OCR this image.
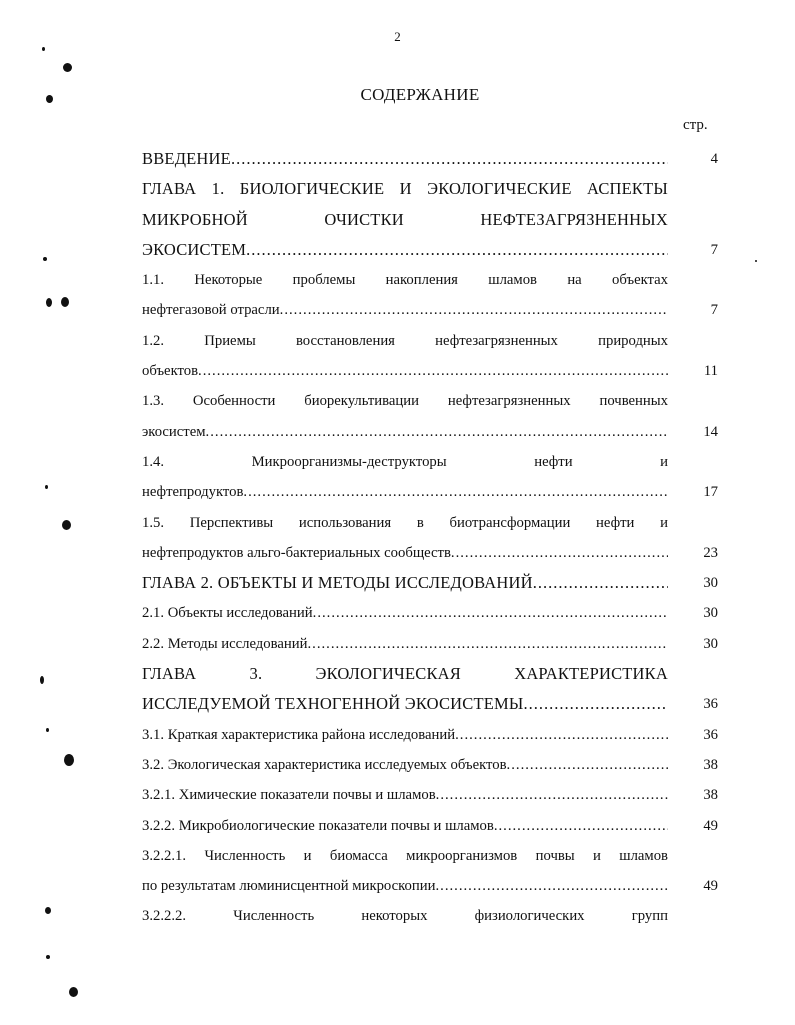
2
СОДЕРЖАНИЕ
стр.
4
ВВЕДЕНИЕ
.....
ГЛАВА 1. БИОЛОГИЧЕСКИЕ И ЭКОЛОГИЧЕСКИЕ АСПЕКТЫ
МИКРОБНОЙ ОЧИСТКИ НЕФТЕЗАГРЯЗНЕННЫХ
7
ЭКОСИСТЕМ
.....
1.1. Некоторые проблемы накопления шламов на объектах
7
нефтегазовой отрасли
.....
1.2. Приемы восстановления нефтезагрязненных природных
11
объектов
.....
1.3. Особенности биорекультивации нефтезагрязненных почвенных
14
экосистем
.....
1.4. Микроорганизмы-деструкторы нефти и
17
нефтепродуктов
.....
1.5. Перспективы использования в биотрансформации нефти и
23
нефтепродуктов альго-бактериальных сообществ
.....
30
ГЛАВА 2. ОБЪЕКТЫ И МЕТОДЫ ИССЛЕДОВАНИЙ
.....
30
2.1. Объекты исследований
.....
30
2.2. Методы исследований
.....
ГЛАВА 3. ЭКОЛОГИЧЕСКАЯ ХАРАКТЕРИСТИКА
36
ИССЛЕДУЕМОЙ ТЕХНОГЕННОЙ ЭКОСИСТЕМЫ
.....
36
3.1. Краткая характеристика района исследований
.....
38
3.2. Экологическая характеристика исследуемых объектов
.....
38
3.2.1. Химические показатели почвы и шламов
.....
49
3.2.2. Микробиологические показатели почвы и шламов
.....
3.2.2.1. Численность и биомасса микроорганизмов почвы и шламов
49
по результатам люминисцентной микроскопии
.....
3.2.2.2. Численность некоторых физиологических групп
